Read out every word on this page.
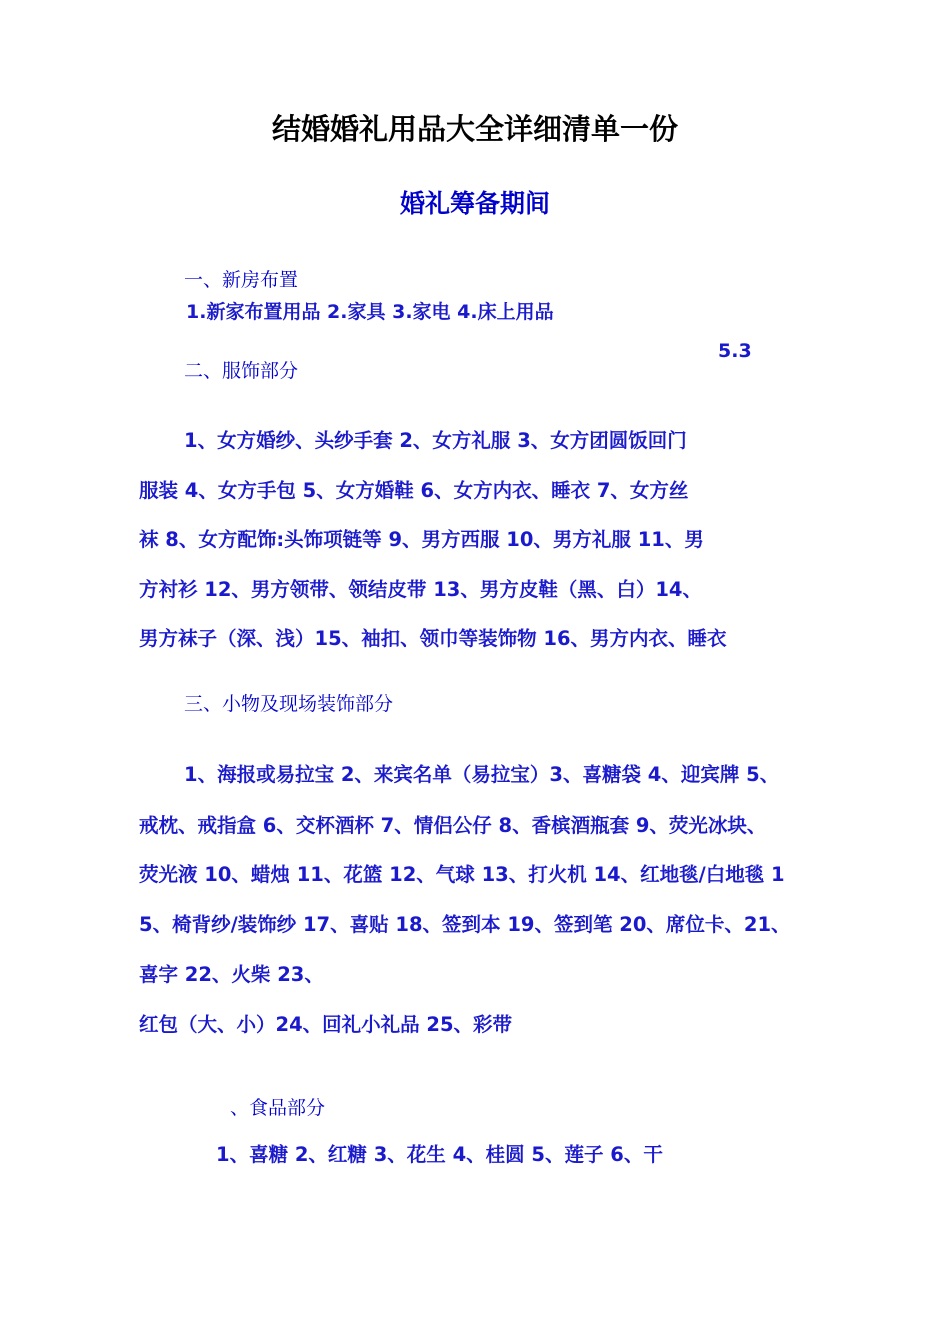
结婚婚礼用品大全详细清单一份
婚礼筹备期间
一、新房布置
1.新家布置用品 2.家具 3.家电 4.床上用品
5.3
二、服饰部分
1、女方婚纱、头纱手套 2、女方礼服 3、女方团圆饭回门
服装 4、女方手包 5、女方婚鞋 6、女方内衣、睡衣 7、女方丝
袜 8、女方配饰:头饰项链等 9、男方西服 10、男方礼服 11、男
方衬衫 12、男方领带、领结皮带 13、男方皮鞋（黑、白）14、
男方袜子（深、浅）15、袖扣、领巾等装饰物 16、男方内衣、睡衣
三、小物及现场装饰部分
1、海报或易拉宝 2、来宾名单（易拉宝）3、喜糖袋 4、迎宾牌 5、
戒枕、戒指盒 6、交杯酒杯 7、情侣公仔 8、香槟酒瓶套 9、荧光冰块、
荧光液 10、蜡烛 11、花篮 12、气球 13、打火机 14、红地毯/白地毯 1
5、椅背纱/装饰纱 17、喜贴 18、签到本 19、签到笔 20、席位卡、21、
喜字 22、火柴 23、
红包（大、小）24、回礼小礼品 25、彩带
、食品部分
1、喜糖 2、红糖 3、花生 4、桂圆 5、莲子 6、干
